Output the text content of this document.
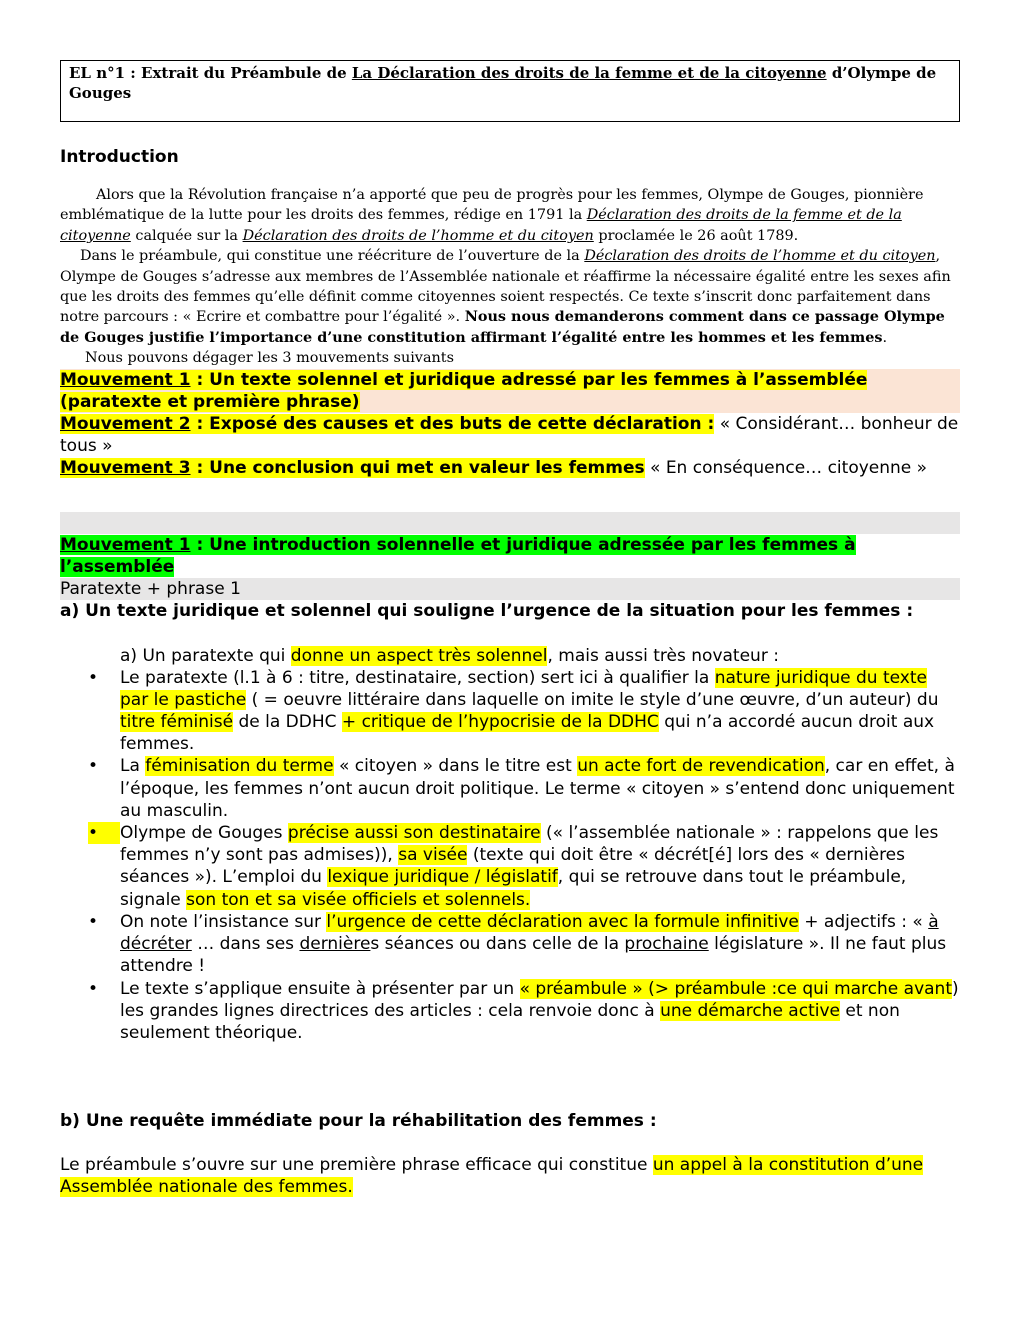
EL n°1 : Extrait du Préambule de La Déclaration des droits de la femme et de la citoyenne d’Olympe de Gouges
Introduction

Alors que la Révolution française n’a apporté que peu de progrès pour les femmes, Olympe de Gouges, pionnière emblématique de la lutte pour les droits des femmes, rédige en 1791 la Déclaration des droits de la femme et de la citoyenne calquée sur la Déclaration des droits de l’homme et du citoyen proclamée le 26 août 1789.

Dans le préambule, qui constitue une réécriture de l’ouverture de la Déclaration des droits de l’homme et du citoyen, Olympe de Gouges s’adresse aux membres de l’Assemblée nationale et réaffirme la nécessaire égalité entre les sexes afin que les droits des femmes qu’elle définit comme citoyennes soient respectés. Ce texte s’inscrit donc parfaitement dans notre parcours : « Ecrire et combattre pour l’égalité ». Nous nous demanderons comment dans ce passage Olympe de Gouges justifie l’importance d’une constitution affirmant l’égalité entre les hommes et les femmes.

Nous pouvons dégager les 3 mouvements suivants

Mouvement 1 : Un texte solennel et juridique adressé par les femmes à l’assemblée (paratexte et première phrase)

Mouvement 2 : Exposé des causes et des buts de cette déclaration : « Considérant… bonheur de tous »

Mouvement 3 : Une conclusion qui met en valeur les femmes « En conséquence… citoyenne »

Mouvement 1 : Une introduction solennelle et juridique adressée par les femmes à l’assemblée

Paratexte + phrase 1

a) Un texte juridique et solennel qui souligne l’urgence de la situation pour les femmes :

a) Un paratexte qui donne un aspect très solennel, mais aussi très novateur :

• Le paratexte (l.1 à 6 : titre, destinataire, section) sert ici à qualifier la nature juridique du texte par le pastiche ( = oeuvre littéraire dans laquelle on imite le style d’une œuvre, d’un auteur) du titre féminisé de la DDHC + critique de l’hypocrisie de la DDHC qui n’a accordé aucun droit aux femmes.
• La féminisation du terme « citoyen » dans le titre est un acte fort de revendication, car en effet, à l’époque, les femmes n’ont aucun droit politique. Le terme « citoyen » s’entend donc uniquement au masculin.
•	Olympe de Gouges précise aussi son destinataire (« l’assemblée nationale » : rappelons que les femmes n’y sont pas admises)), sa visée (texte qui doit être « décrét[é] lors des « dernières séances »). L’emploi du lexique juridique / législatif, qui se retrouve dans tout le préambule, signale son ton et sa visée officiels et solennels.
• On note l’insistance sur l’urgence de cette déclaration avec la formule infinitive + adjectifs : « à décréter … dans ses dernières séances ou dans celle de la prochaine législature ». Il ne faut plus attendre !
• Le texte s’applique ensuite à présenter par un « préambule » (> préambule :ce qui marche avant) les grandes lignes directrices des articles : cela renvoie donc à une démarche active et non seulement théorique.

b) Une requête immédiate pour la réhabilitation des femmes :

Le préambule s’ouvre sur une première phrase efficace qui constitue un appel à la constitution d’une Assemblée nationale des femmes.
